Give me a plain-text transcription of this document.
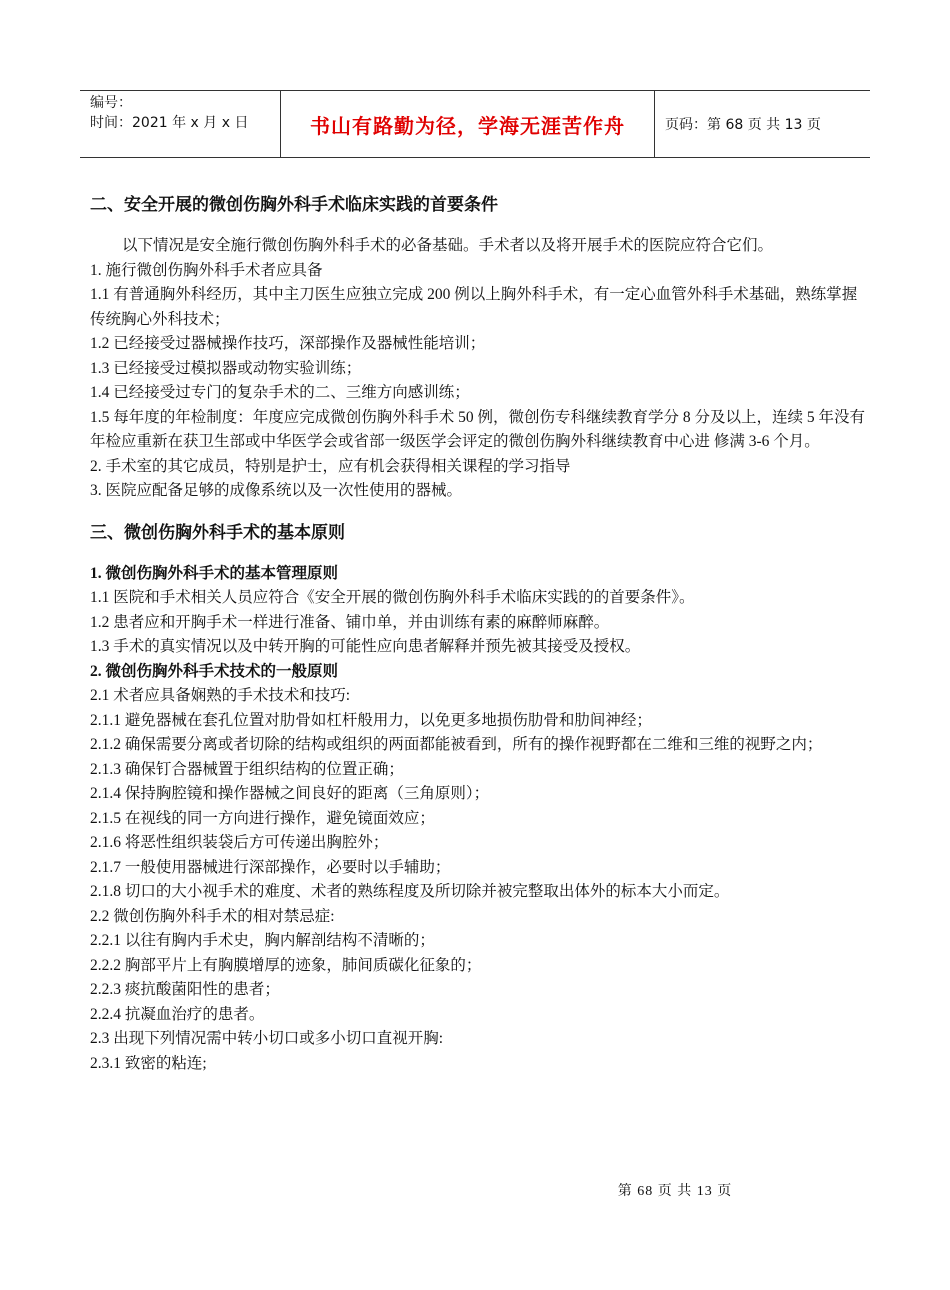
编号：
时间：2021 年 x 月 x 日	书山有路勤为径，学海无涯苦作舟	页码：第 68 页 共 13 页
二、安全开展的微创伤胸外科手术临床实践的首要条件

以下情况是安全施行微创伤胸外科手术的必备基础。手术者以及将开展手术的医院应符合它们。

1. 施行微创伤胸外科手术者应具备

1.1 有普通胸外科经历，其中主刀医生应独立完成 200 例以上胸外科手术，有一定心血管外科手术基础，熟练掌握传统胸心外科技术；

1.2 已经接受过器械操作技巧，深部操作及器械性能培训；

1.3 已经接受过模拟器或动物实验训练；

1.4 已经接受过专门的复杂手术的二、三维方向感训练；

1.5 每年度的年检制度：年度应完成微创伤胸外科手术 50 例，微创伤专科继续教育学分 8 分及以上，连续 5 年没有年检应重新在获卫生部或中华医学会或省部一级医学会评定的微创伤胸外科继续教育中心进 修满 3-6 个月。

2. 手术室的其它成员，特别是护士，应有机会获得相关课程的学习指导

3. 医院应配备足够的成像系统以及一次性使用的器械。

三、微创伤胸外科手术的基本原则

1. 微创伤胸外科手术的基本管理原则

1.1 医院和手术相关人员应符合《安全开展的微创伤胸外科手术临床实践的的首要条件》。

1.2 患者应和开胸手术一样进行准备、铺巾单，并由训练有素的麻醉师麻醉。

1.3 手术的真实情况以及中转开胸的可能性应向患者解释并预先被其接受及授权。

2. 微创伤胸外科手术技术的一般原则

2.1 术者应具备娴熟的手术技术和技巧:

2.1.1 避免器械在套孔位置对肋骨如杠杆般用力，以免更多地损伤肋骨和肋间神经；

2.1.2 确保需要分离或者切除的结构或组织的两面都能被看到，所有的操作视野都在二维和三维的视野之内；

2.1.3 确保钉合器械置于组织结构的位置正确；

2.1.4 保持胸腔镜和操作器械之间良好的距离（三角原则）；

2.1.5 在视线的同一方向进行操作，避免镜面效应；

2.1.6 将恶性组织装袋后方可传递出胸腔外；

2.1.7 一般使用器械进行深部操作，必要时以手辅助；

2.1.8 切口的大小视手术的难度、术者的熟练程度及所切除并被完整取出体外的标本大小而定。

2.2 微创伤胸外科手术的相对禁忌症:

2.2.1 以往有胸内手术史，胸内解剖结构不清晰的；

2.2.2 胸部平片上有胸膜增厚的迹象，肺间质碳化征象的；

2.2.3 痰抗酸菌阳性的患者；

2.2.4 抗凝血治疗的患者。

2.3 出现下列情况需中转小切口或多小切口直视开胸:

2.3.1 致密的粘连;

第 68 页 共 13 页
